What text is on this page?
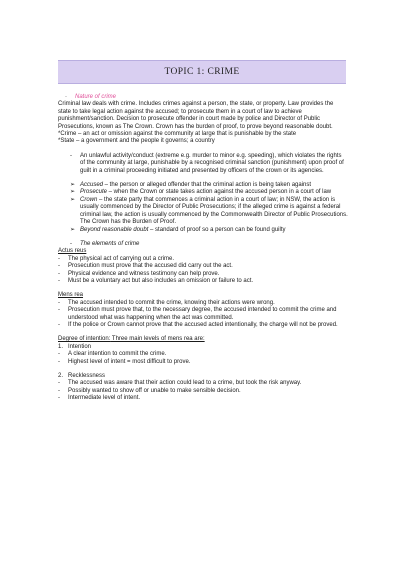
TOPIC 1: CRIME
·	Nature of crime

Criminal law deals with crime. Includes crimes against a person, the state, or property. Law provides the state to take legal action against the accused; to prosecute them in a court of law to achieve punishment/sanction. Decision to prosecute offender in court made by police and Director of Public Prosecutions, known as The Crown. Crown has the burden of proof, to prove beyond reasonable doubt.

*Crime – an act or omission against the community at large that is punishable by the state

*State – a government and the people it governs; a country

-	An unlawful activity/conduct (extreme e.g. murder to minor e.g. speeding), which violates the rights of the community at large, punishable by a recognised criminal sanction (punishment) upon proof of guilt in a criminal proceeding initiated and presented by officers of the crown or its agencies.
➢ Accused – the person or alleged offender that the criminal action is being taken against
➢ Prosecute – when the Crown or state takes action against the accused person in a court of law
➢ Crown – the state party that commences a criminal action in a court of law; in NSW, the action is usually commenced by the Director of Public Prosecutions; if the alleged crime is against a federal criminal law, the action is usually commenced by the Commonwealth Director of Public Prosecutions. The Crown has the Burden of Proof.
➢ Beyond reasonable doubt – standard of proof so a person can be found guilty
-	The elements of crime

Actus reus

-	The physical act of carrying out a crime.
-	Prosecution must prove that the accused did carry out the act.
-	Physical evidence and witness testimony can help prove.
-	Must be a voluntary act but also includes an omission or failure to act.

Mens rea

-	The accused intended to commit the crime, knowing their actions were wrong.
-	Prosecution must prove that, to the necessary degree, the accused intended to commit the crime and understood what was happening when the act was committed.
-	If the police or Crown cannot prove that the accused acted intentionally, the charge will not be proved.

Degree of intention: Three main levels of mens rea are:

1. Intention
-	A clear intention to commit the crime.
-	Highest level of intent = most difficult to prove.
2. Recklessness
-	The accused was aware that their action could lead to a crime, but took the risk anyway.
-	Possibly wanted to show off or unable to make sensible decision.
-	Intermediate level of intent.
